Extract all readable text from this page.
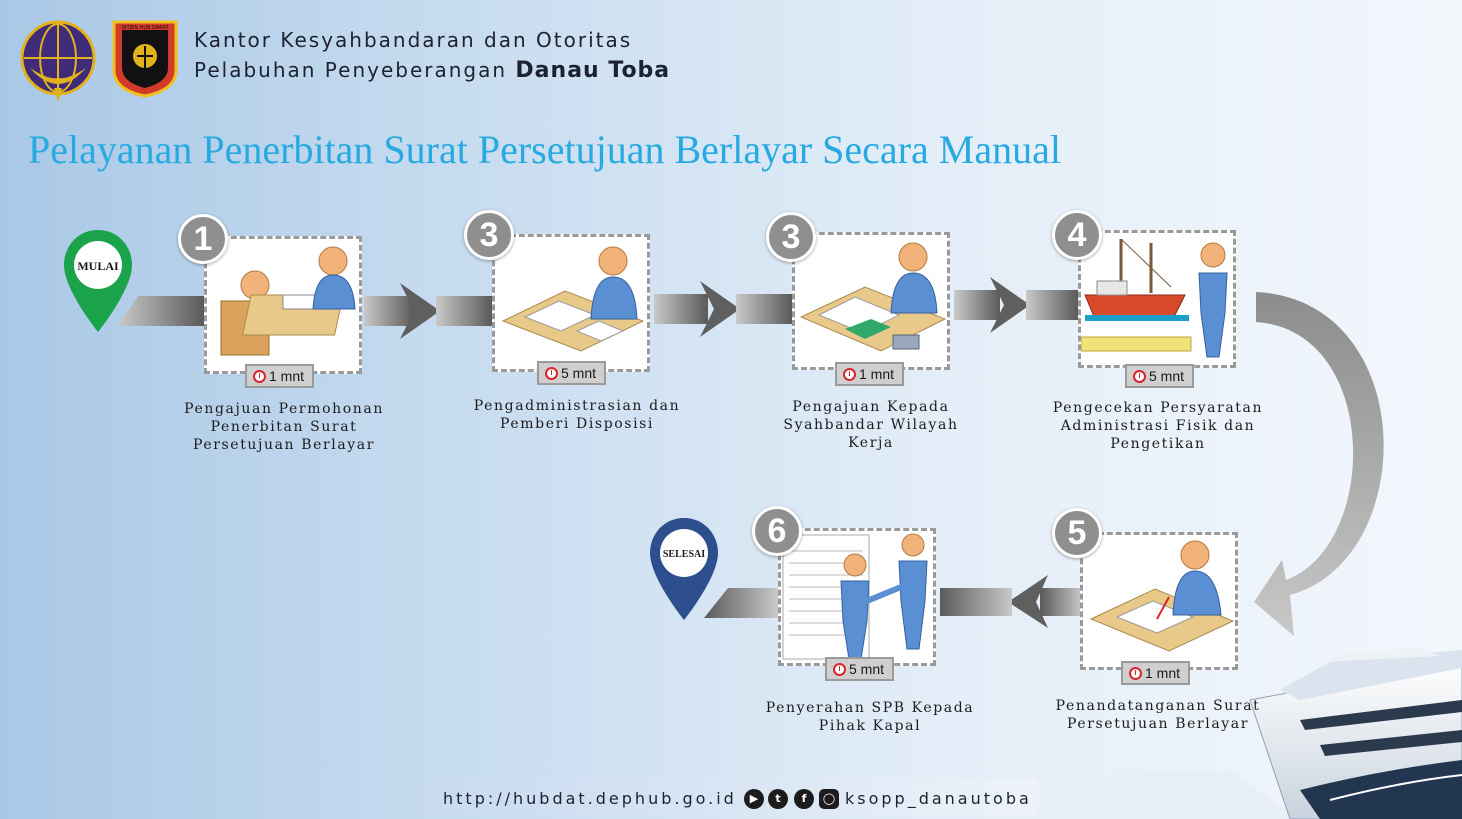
DITJEN HUB DARAT Kantor Kesyahbandaran dan Otoritas
Pelabuhan Penyeberangan Danau Toba
Pelayanan Penerbitan Surat Persetujuan Berlayar Secara Manual
MULAI
SELESAI
1
1 mnt
Pengajuan Permohonan
Penerbitan Surat
Persetujuan Berlayar
3
5 mnt
Pengadministrasian dan
Pemberi Disposisi
3
1 mnt
Pengajuan Kepada
Syahbandar Wilayah
Kerja
4
5 mnt
Pengecekan Persyaratan
Administrasi Fisik dan
Pengetikan
5
1 mnt
Penandatanganan Surat
Persetujuan Berlayar
6
5 mnt
Penyerahan SPB Kepada
Pihak Kapal
http://hubdat.dephub.go.id	▶	t	f	◯ ksopp_danautoba
